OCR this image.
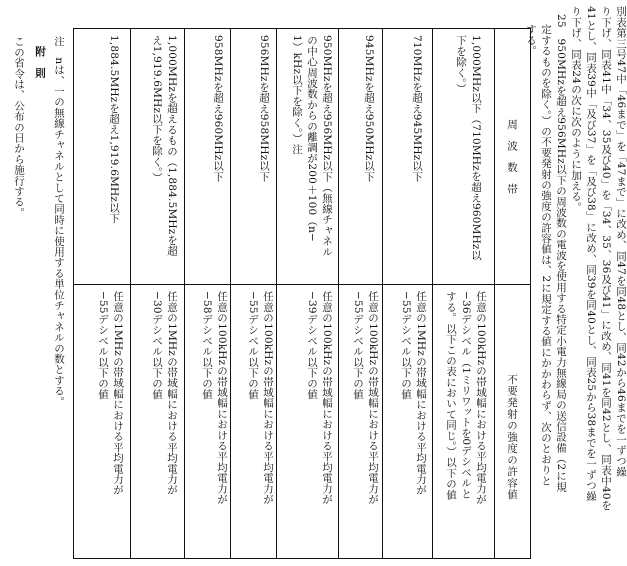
別表第三号47中「46まで」を「47まで」に改め、同47を同48とし、同42から46までを一ずつ繰
り下げ、同表41中「34、35及び40」を「34、35、36及び41」に改め、同41を同42とし、同表中40を
41とし、同表39中「及び37」を「及び38」に改め、同39を同40とし、同表25から38までを一ずつ繰
り下げ、同表24の次に次のように加える。
25　950MHzを超え956MHz以下の周波数の電波を使用する特定小電力無線局の送信設備（2に規
定するものを除く。）の不要発射の強度の許容値は、2に規定する値にかかわらず、次のとおりと
する。
周波数帯
不要発射の強度の許容値
1,000MHz以下（710MHzを超え960MHz以
下を除く。）
任意の100kHzの帯域幅における平均電力が
−36デシベル（1ミリワットを0デシベルと
する。以下この表において同じ。）以下の値
710MHzを超え945MHz以下
任意の1MHzの帯域幅における平均電力が
−55デシベル以下の値
945MHzを超え950MHz以下
任意の100kHzの帯域幅における平均電力が
−55デシベル以下の値
950MHzを超え956MHz以下（無線チャネル
の中心周波数からの離調が200＋100（n−
1）kHz以下を除く。）注
任意の100kHzの帯域幅における平均電力が
−39デシベル以下の値
956MHzを超え958MHz以下
任意の100kHzの帯域幅における平均電力が
−55デシベル以下の値
958MHzを超え960MHz以下
任意の100kHzの帯域幅における平均電力が
−58デシベル以下の値
1,000MHzを超えるもの（1,884.5MHzを超
え1,919.6MHz以下を除く。）
任意の1MHzの帯域幅における平均電力が
−30デシベル以下の値
1,884.5MHzを超え1,919.6MHz以下
任意の1MHzの帯域幅における平均電力が
−55デシベル以下の値
注　nは、一の無線チャネルとして同時に使用する単位チャネルの数とする。
附　則
この省令は、公布の日から施行する。
